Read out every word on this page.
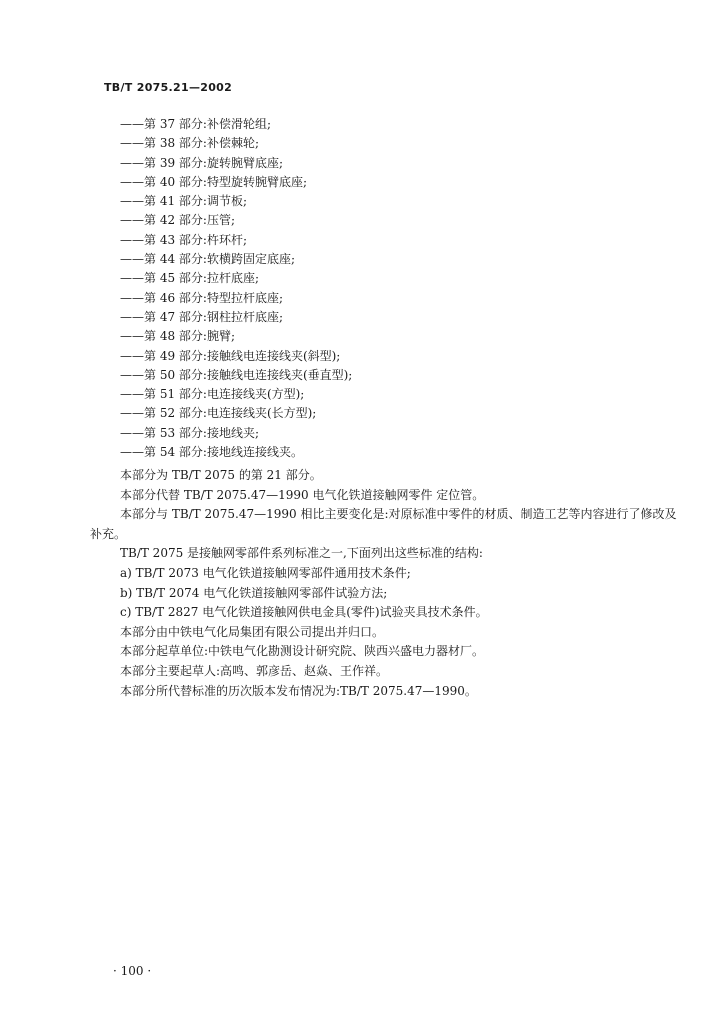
TB/T 2075.21—2002
——第 37 部分:补偿滑轮组;
——第 38 部分:补偿棘轮;
——第 39 部分:旋转腕臂底座;
——第 40 部分:特型旋转腕臂底座;
——第 41 部分:调节板;
——第 42 部分:压管;
——第 43 部分:杵环杆;
——第 44 部分:软横跨固定底座;
——第 45 部分:拉杆底座;
——第 46 部分:特型拉杆底座;
——第 47 部分:钢柱拉杆底座;
——第 48 部分:腕臂;
——第 49 部分:接触线电连接线夹(斜型);
——第 50 部分:接触线电连接线夹(垂直型);
——第 51 部分:电连接线夹(方型);
——第 52 部分:电连接线夹(长方型);
——第 53 部分:接地线夹;
——第 54 部分:接地线连接线夹。

本部分为 TB/T 2075 的第 21 部分。

本部分代替 TB/T 2075.47—1990 电气化铁道接触网零件 定位管。

本部分与 TB/T 2075.47—1990 相比主要变化是:对原标准中零件的材质、制造工艺等内容进行了修改及补充。

TB/T 2075 是接触网零部件系列标准之一,下面列出这些标准的结构:

a) TB/T 2073 电气化铁道接触网零部件通用技术条件;

b) TB/T 2074 电气化铁道接触网零部件试验方法;

c) TB/T 2827 电气化铁道接触网供电金具(零件)试验夹具技术条件。

本部分由中铁电气化局集团有限公司提出并归口。

本部分起草单位:中铁电气化勘测设计研究院、陕西兴盛电力器材厂。

本部分主要起草人:高鸣、郭彦岳、赵焱、王作祥。

本部分所代替标准的历次版本发布情况为:TB/T 2075.47—1990。

· 100 ·
